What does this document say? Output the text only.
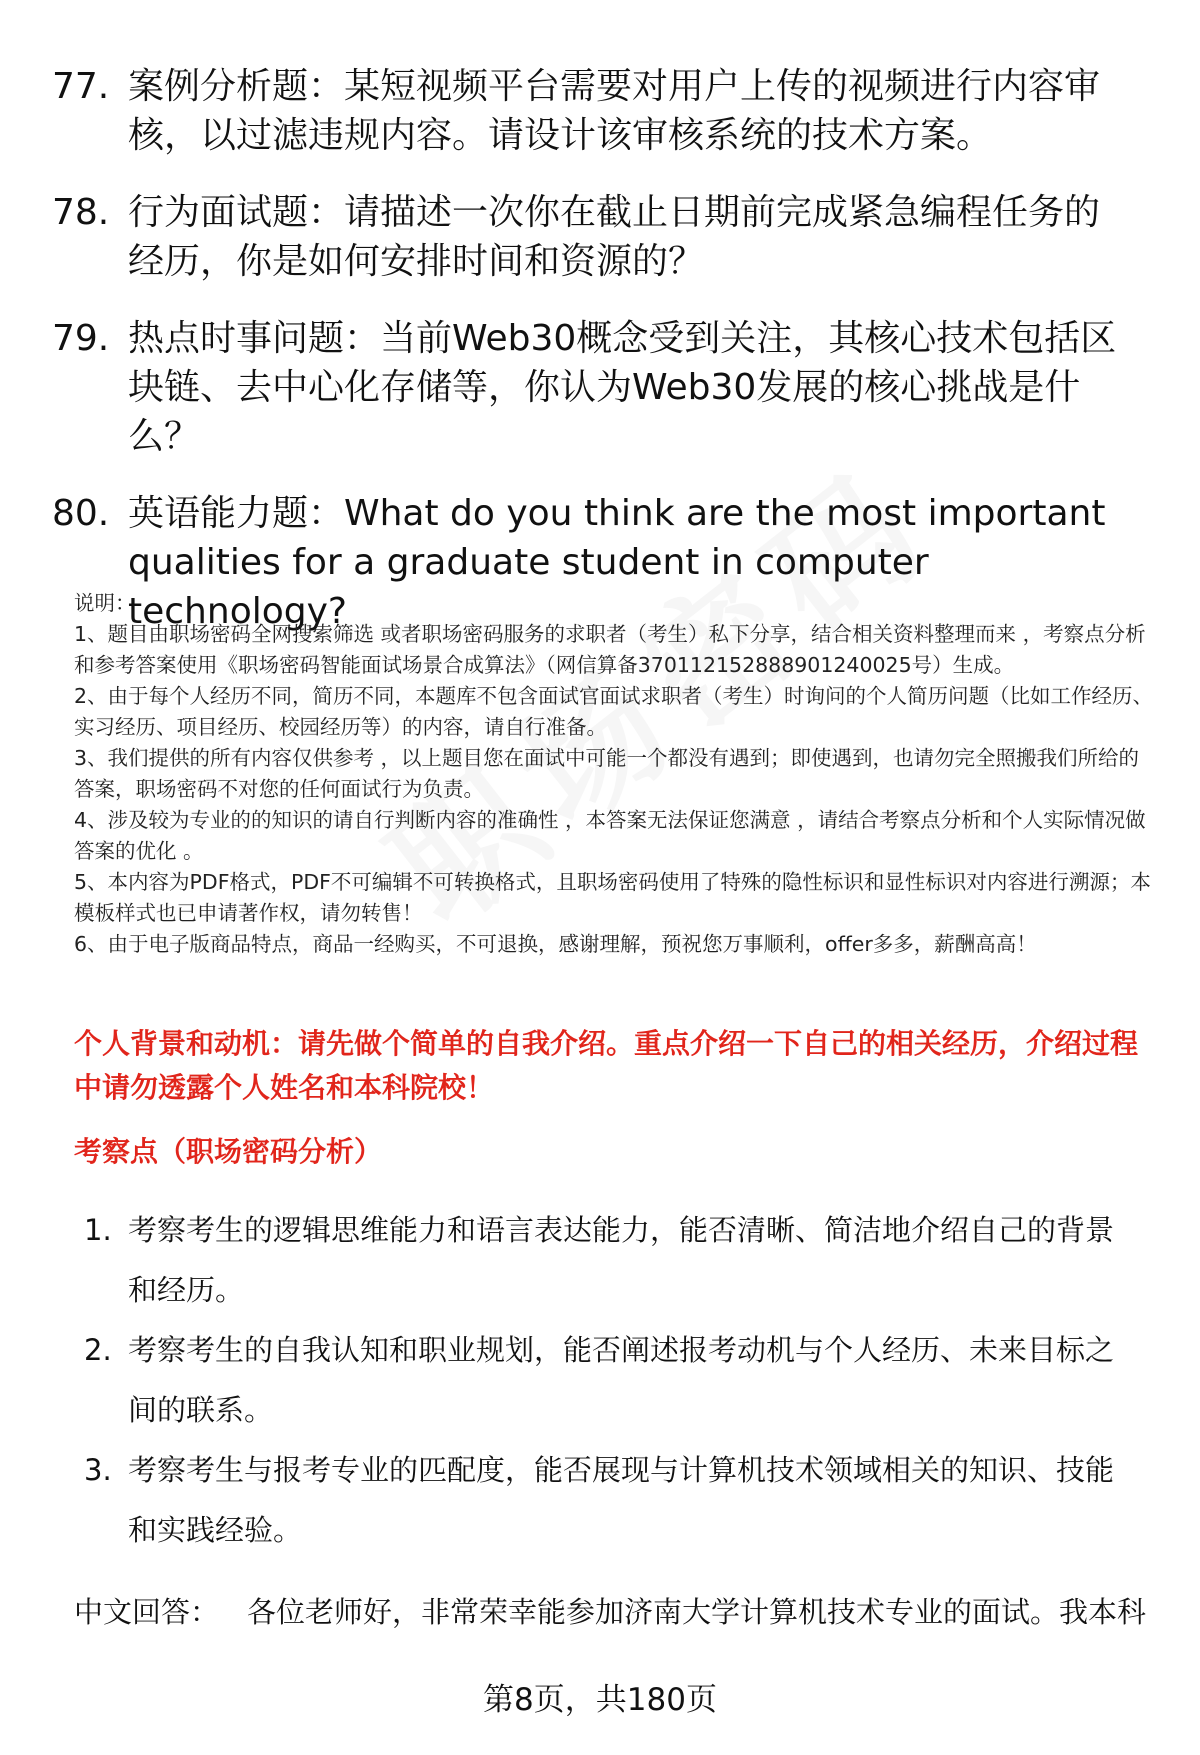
77. 案例分析题：某短视频平台需要对用户上传的视频进行内容审核，以过滤违规内容。请设计该审核系统的技术方案。
78. 行为面试题：请描述一次你在截止日期前完成紧急编程任务的经历，你是如何安排时间和资源的？
79. 热点时事问题：当前Web30概念受到关注，其核心技术包括区块链、去中心化存储等，你认为Web30发展的核心挑战是什么？
80. 英语能力题：What do you think are the most important qualities for a graduate student in computer technology?

说明：

1、题目由职场密码全网搜索筛选 或者职场密码服务的求职者（考生）私下分享，结合相关资料整理而来 ，考察点分析和参考答案使用《职场密码智能面试场景合成算法》（网信算备370112152888901240025号）生成。

2、由于每个人经历不同，简历不同，本题库不包含面试官面试求职者（考生）时询问的个人简历问题（比如工作经历、实习经历、项目经历、校园经历等）的内容，请自行准备。

3、我们提供的所有内容仅供参考 ，以上题目您在面试中可能一个都没有遇到；即使遇到，也请勿完全照搬我们所给的答案，职场密码不对您的任何面试行为负责。

4、涉及较为专业的的知识的请自行判断内容的准确性 ，本答案无法保证您满意 ，请结合考察点分析和个人实际情况做答案的优化 。

5、本内容为PDF格式，PDF不可编辑不可转换格式，且职场密码使用了特殊的隐性标识和显性标识对内容进行溯源；本模板样式也已申请著作权，请勿转售！

6、由于电子版商品特点，商品一经购买，不可退换，感谢理解，预祝您万事顺利，offer多多，薪酬高高！

个人背景和动机：请先做个简单的自我介绍。重点介绍一下自己的相关经历，介绍过程中请勿透露个人姓名和本科院校！
考察点（职场密码分析）
1. 考察考生的逻辑思维能力和语言表达能力，能否清晰、简洁地介绍自己的背景和经历。
2. 考察考生的自我认知和职业规划，能否阐述报考动机与个人经历、未来目标之间的联系。
3. 考察考生与报考专业的匹配度，能否展现与计算机技术领域相关的知识、技能和实践经验。
中文回答： 各位老师好，非常荣幸能参加济南大学计算机技术专业的面试。我本科
第8页，共180页
